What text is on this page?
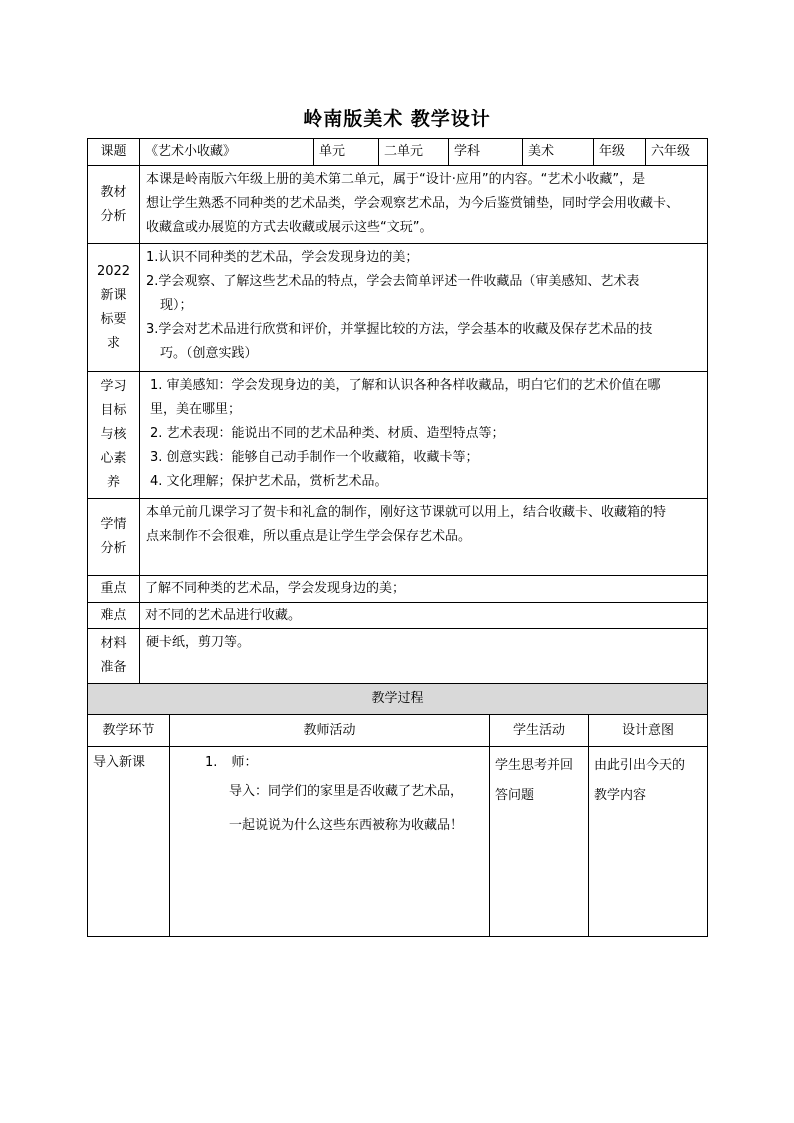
岭南版美术 教学设计
课题	《艺术小收藏》	单元	二单元	学科	美术	年级	六年级

教材
分析	本课是岭南版六年级上册的美术第二单元，属于“设计·应用”的内容。“艺术小收藏”，是
想让学生熟悉不同种类的艺术品类，学会观察艺术品，为今后鉴赏铺垫，同时学会用收藏卡、
收藏盒或办展览的方式去收藏或展示这些“文玩”。						

2022
新课
标要
求	1.认识不同种类的艺术品，学会发现身边的美；
2.学会观察、了解这些艺术品的特点，学会去简单评述一件收藏品（审美感知、艺术表
现）；
3.学会对艺术品进行欣赏和评价，并掌握比较的方法，学会基本的收藏及保存艺术品的技
巧。（创意实践）						

学习
目标
与核
心素
养	1. 审美感知：学会发现身边的美，了解和认识各种各样收藏品，明白它们的艺术价值在哪
里，美在哪里；
2. 艺术表现：能说出不同的艺术品种类、材质、造型特点等；
3. 创意实践：能够自己动手制作一个收藏箱，收藏卡等；
4. 文化理解；保护艺术品，赏析艺术品。						

学情
分析	本单元前几课学习了贺卡和礼盒的制作，刚好这节课就可以用上，结合收藏卡、收藏箱的特
点来制作不会很难，所以重点是让学生学会保存艺术品。						

重点	了解不同种类的艺术品，学会发现身边的美；						
难点	对不同的艺术品进行收藏。						

材料
准备	硬卡纸，剪刀等。						
教学过程			
教学环节	教师活动	学生活动	设计意图
导入新课	1. 师：
导入：同学们的家里是否收藏了艺术品，
一起说说为什么这些东西被称为收藏品！	学生思考并回
答问题	由此引出今天的
教学内容
